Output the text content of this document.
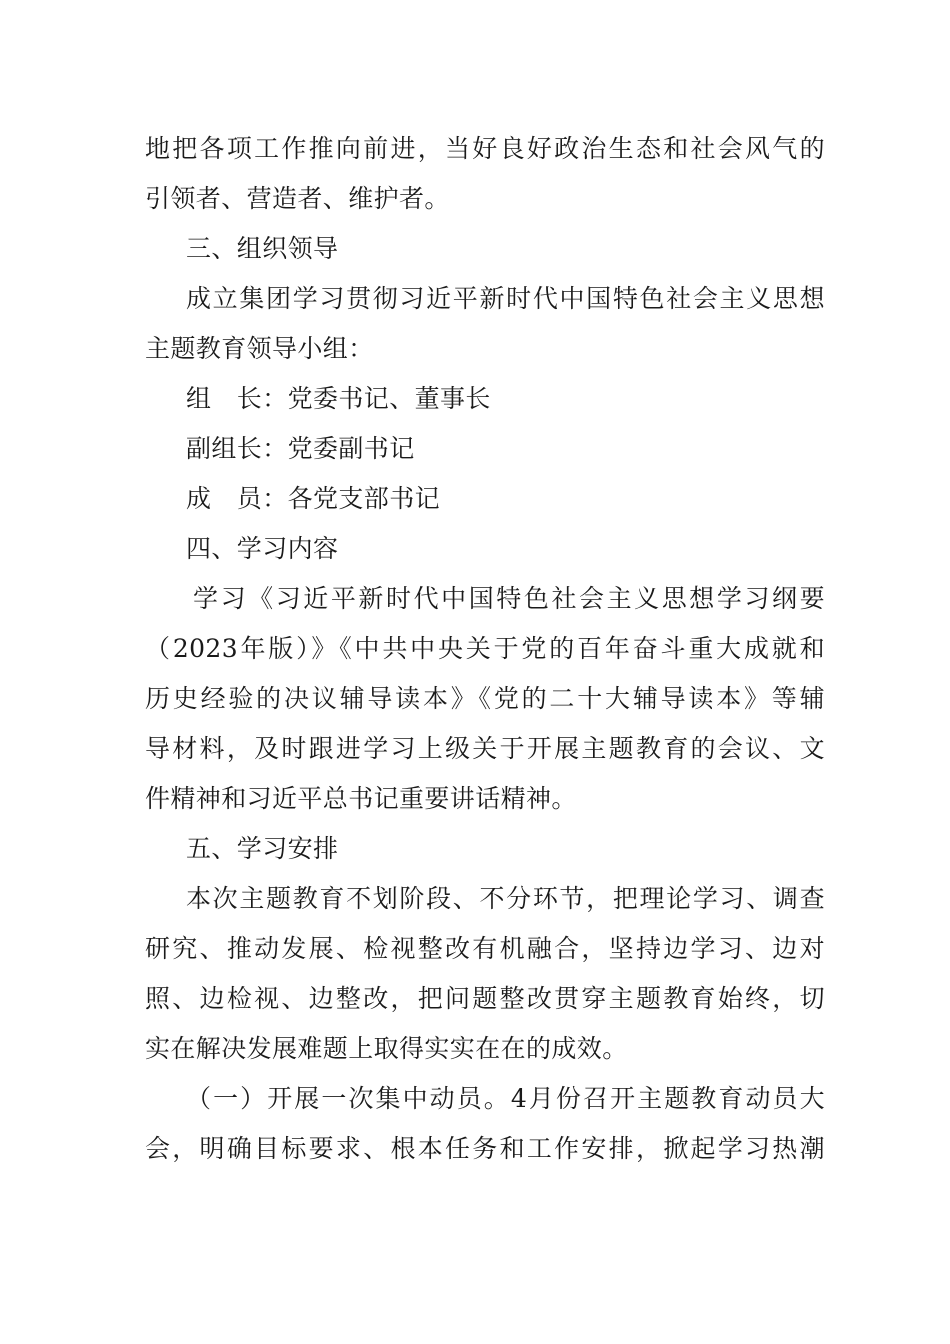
地把各项工作推向前进，当好良好政治生态和社会风气的
引领者、营造者、维护者。
三、组织领导
成立集团学习贯彻习近平新时代中国特色社会主义思想
主题教育领导小组：
组　长：党委书记、董事长
副组长：党委副书记
成　员：各党支部书记
四、学习内容
学习《习近平新时代中国特色社会主义思想学习纲要
（2023年版）》《中共中央关于党的百年奋斗重大成就和
历史经验的决议辅导读本》《党的二十大辅导读本》等辅
导材料，及时跟进学习上级关于开展主题教育的会议、文
件精神和习近平总书记重要讲话精神。
五、学习安排
本次主题教育不划阶段、不分环节，把理论学习、调查
研究、推动发展、检视整改有机融合，坚持边学习、边对
照、边检视、边整改，把问题整改贯穿主题教育始终，切
实在解决发展难题上取得实实在在的成效。
（一）开展一次集中动员。4月份召开主题教育动员大
会，明确目标要求、根本任务和工作安排，掀起学习热潮
